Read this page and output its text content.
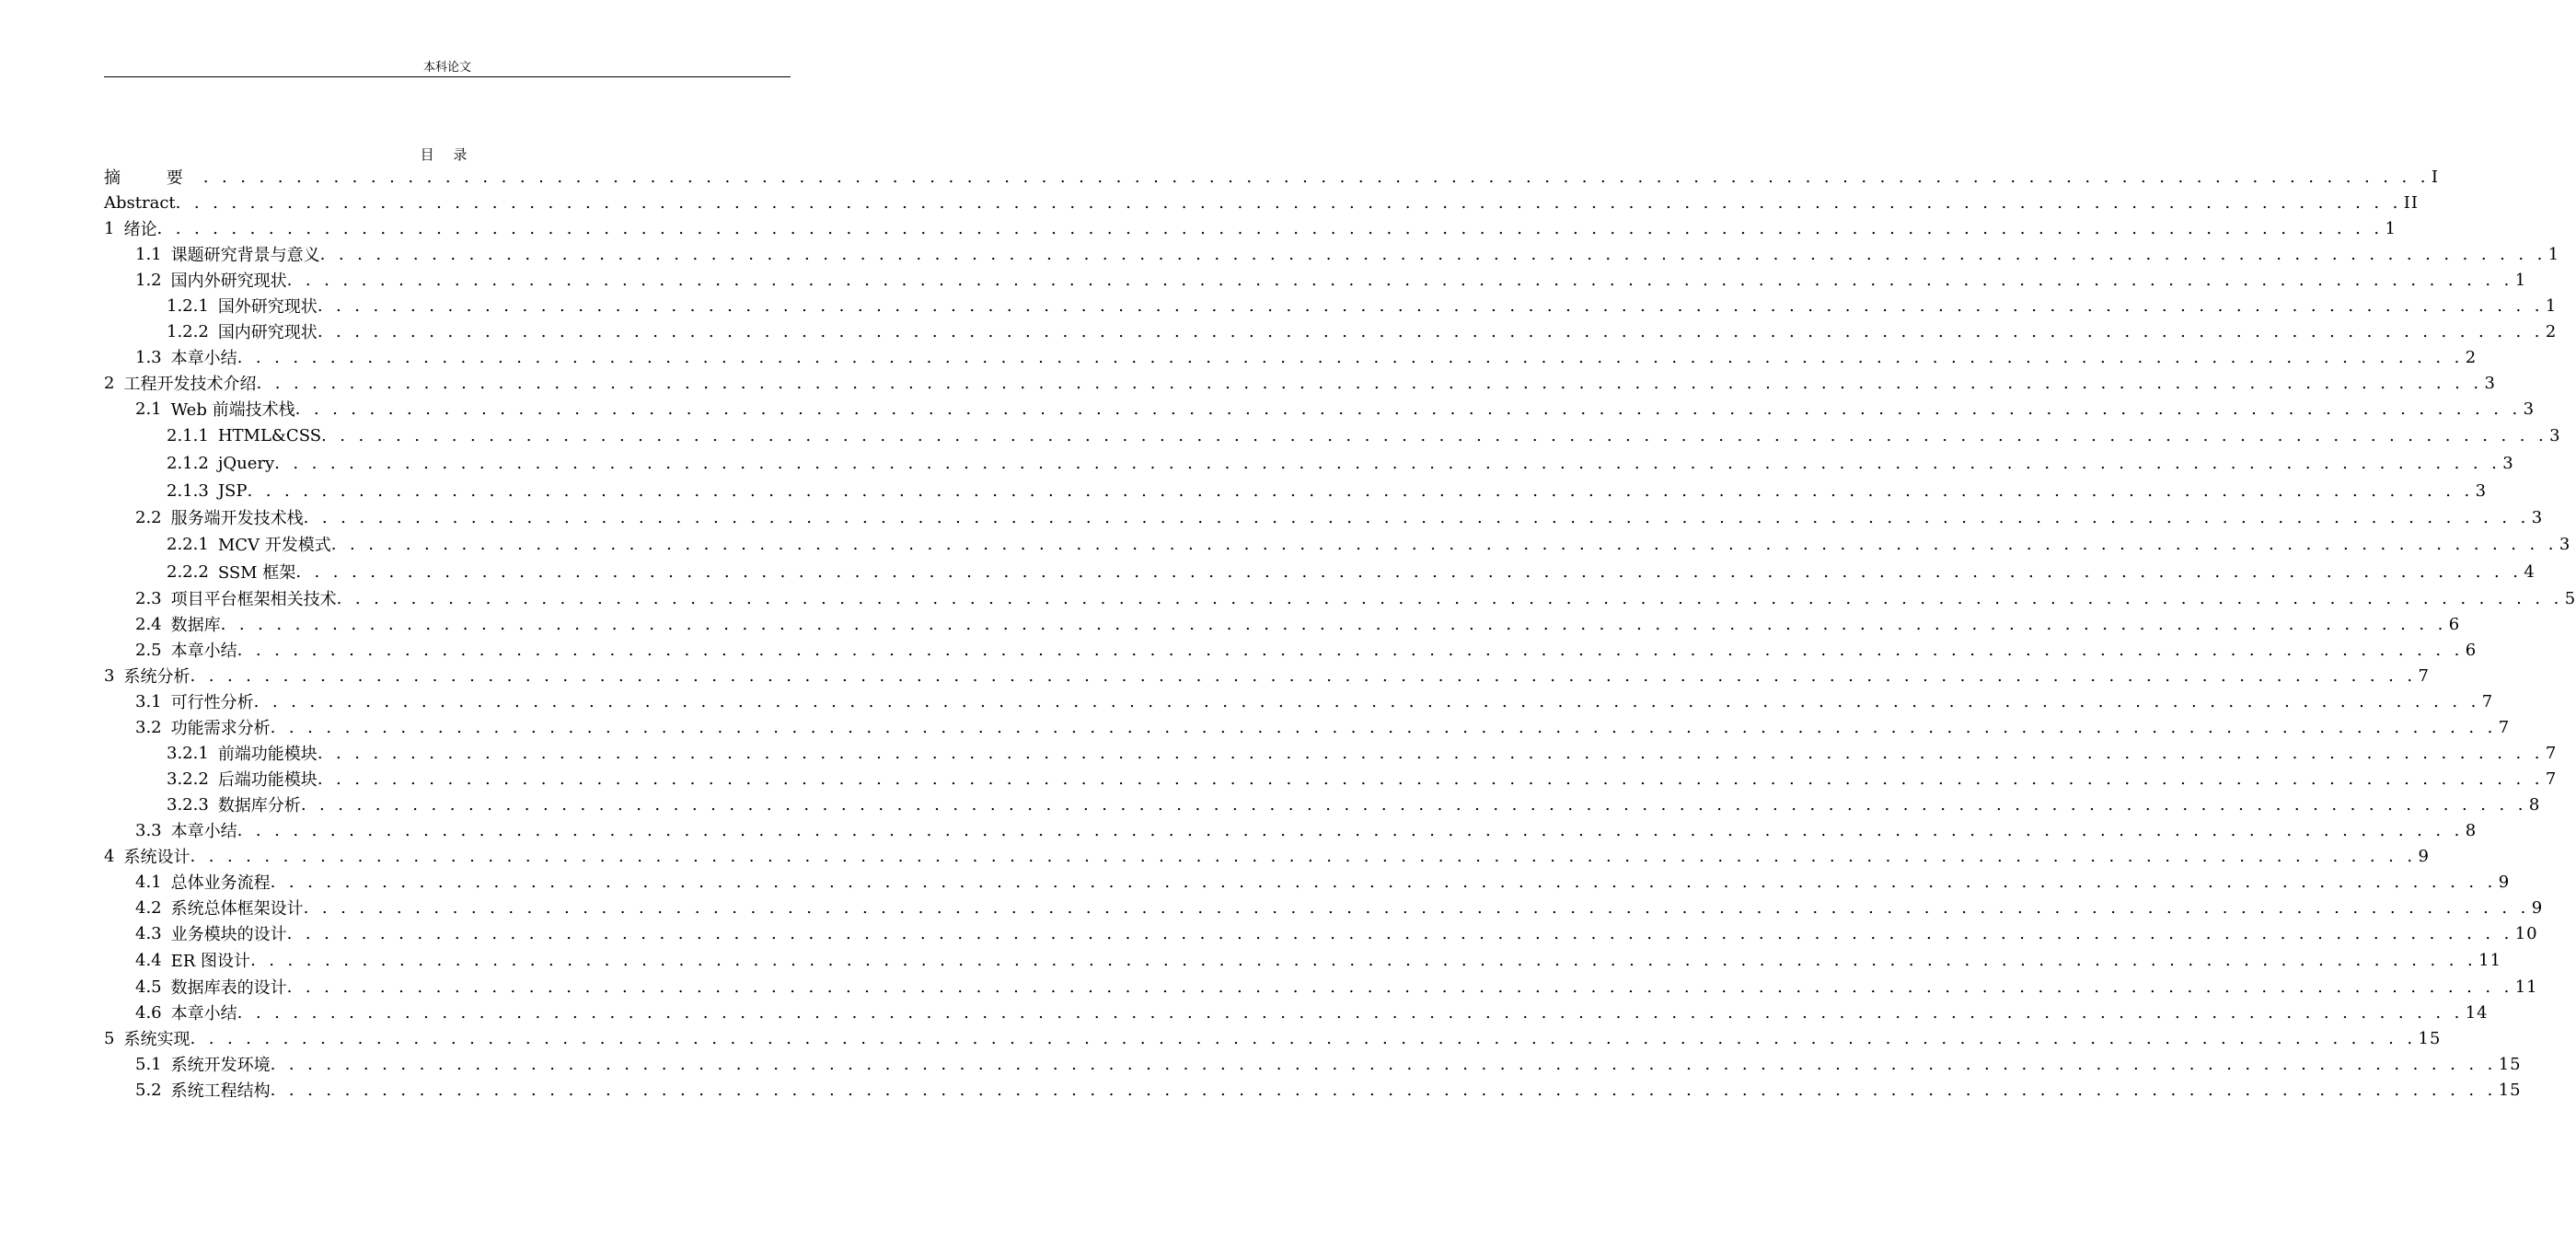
本科论文
目 录
摘 要 . . . . . . . . . . . . . . . . . . . . . . . . . . . . . . . . . . . . . . . . . . . . . . . . . . . . . . . . . . . . . . . . . . . . . . . . . . . . . . . . . . . . . . . . . . . . . . . . . . . . . . . . . . . . . . . . . . . . . . . . I
Abstract . . . . . . . . . . . . . . . . . . . . . . . . . . . . . . . . . . . . . . . . . . . . . . . . . . . . . . . . . . . . . . . . . . . . . . . . . . . . . . . . . . . . . . . . . . . . . . . . . . . . . . . . . . . . . . . . . . . . . . . . II
1 绪论 . . . . . . . . . . . . . . . . . . . . . . . . . . . . . . . . . . . . . . . . . . . . . . . . . . . . . . . . . . . . . . . . . . . . . . . . . . . . . . . . . . . . . . . . . . . . . . . . . . . . . . . . . . . . . . . . . . . . . . . . 1
1.1 课题研究背景与意义 . . . . . . . . . . . . . . . . . . . . . . . . . . . . . . . . . . . . . . . . . . . . . . . . . . . . . . . . . . . . . . . . . . . . . . . . . . . . . . . . . . . . . . . . . . . . . . . . . . . . . . . . . . . . . . . . . . . . . . . . 1
1.2 国内外研究现状 . . . . . . . . . . . . . . . . . . . . . . . . . . . . . . . . . . . . . . . . . . . . . . . . . . . . . . . . . . . . . . . . . . . . . . . . . . . . . . . . . . . . . . . . . . . . . . . . . . . . . . . . . . . . . . . . . . . . . . . . 1
1.2.1 国外研究现状 . . . . . . . . . . . . . . . . . . . . . . . . . . . . . . . . . . . . . . . . . . . . . . . . . . . . . . . . . . . . . . . . . . . . . . . . . . . . . . . . . . . . . . . . . . . . . . . . . . . . . . . . . . . . . . . . . . . . . . . . 1
1.2.2 国内研究现状 . . . . . . . . . . . . . . . . . . . . . . . . . . . . . . . . . . . . . . . . . . . . . . . . . . . . . . . . . . . . . . . . . . . . . . . . . . . . . . . . . . . . . . . . . . . . . . . . . . . . . . . . . . . . . . . . . . . . . . . . 2
1.3 本章小结 . . . . . . . . . . . . . . . . . . . . . . . . . . . . . . . . . . . . . . . . . . . . . . . . . . . . . . . . . . . . . . . . . . . . . . . . . . . . . . . . . . . . . . . . . . . . . . . . . . . . . . . . . . . . . . . . . . . . . . . . 2
2 工程开发技术介绍 . . . . . . . . . . . . . . . . . . . . . . . . . . . . . . . . . . . . . . . . . . . . . . . . . . . . . . . . . . . . . . . . . . . . . . . . . . . . . . . . . . . . . . . . . . . . . . . . . . . . . . . . . . . . . . . . . . . . . . . . 3
2.1 Web 前端技术栈 . . . . . . . . . . . . . . . . . . . . . . . . . . . . . . . . . . . . . . . . . . . . . . . . . . . . . . . . . . . . . . . . . . . . . . . . . . . . . . . . . . . . . . . . . . . . . . . . . . . . . . . . . . . . . . . . . . . . . . . . 3
2.1.1 HTML&CSS . . . . . . . . . . . . . . . . . . . . . . . . . . . . . . . . . . . . . . . . . . . . . . . . . . . . . . . . . . . . . . . . . . . . . . . . . . . . . . . . . . . . . . . . . . . . . . . . . . . . . . . . . . . . . . . . . . . . . . . . 3
2.1.2 jQuery . . . . . . . . . . . . . . . . . . . . . . . . . . . . . . . . . . . . . . . . . . . . . . . . . . . . . . . . . . . . . . . . . . . . . . . . . . . . . . . . . . . . . . . . . . . . . . . . . . . . . . . . . . . . . . . . . . . . . . . . 3
2.1.3 JSP . . . . . . . . . . . . . . . . . . . . . . . . . . . . . . . . . . . . . . . . . . . . . . . . . . . . . . . . . . . . . . . . . . . . . . . . . . . . . . . . . . . . . . . . . . . . . . . . . . . . . . . . . . . . . . . . . . . . . . . . 3
2.2 服务端开发技术栈 . . . . . . . . . . . . . . . . . . . . . . . . . . . . . . . . . . . . . . . . . . . . . . . . . . . . . . . . . . . . . . . . . . . . . . . . . . . . . . . . . . . . . . . . . . . . . . . . . . . . . . . . . . . . . . . . . . . . . . . . 3
2.2.1 MCV 开发模式 . . . . . . . . . . . . . . . . . . . . . . . . . . . . . . . . . . . . . . . . . . . . . . . . . . . . . . . . . . . . . . . . . . . . . . . . . . . . . . . . . . . . . . . . . . . . . . . . . . . . . . . . . . . . . . . . . . . . . . . . 3
2.2.2 SSM 框架 . . . . . . . . . . . . . . . . . . . . . . . . . . . . . . . . . . . . . . . . . . . . . . . . . . . . . . . . . . . . . . . . . . . . . . . . . . . . . . . . . . . . . . . . . . . . . . . . . . . . . . . . . . . . . . . . . . . . . . . . 4
2.3 项目平台框架相关技术 . . . . . . . . . . . . . . . . . . . . . . . . . . . . . . . . . . . . . . . . . . . . . . . . . . . . . . . . . . . . . . . . . . . . . . . . . . . . . . . . . . . . . . . . . . . . . . . . . . . . . . . . . . . . . . . . . . . . . . . . 5
2.4 数据库 . . . . . . . . . . . . . . . . . . . . . . . . . . . . . . . . . . . . . . . . . . . . . . . . . . . . . . . . . . . . . . . . . . . . . . . . . . . . . . . . . . . . . . . . . . . . . . . . . . . . . . . . . . . . . . . . . . . . . . . . 6
2.5 本章小结 . . . . . . . . . . . . . . . . . . . . . . . . . . . . . . . . . . . . . . . . . . . . . . . . . . . . . . . . . . . . . . . . . . . . . . . . . . . . . . . . . . . . . . . . . . . . . . . . . . . . . . . . . . . . . . . . . . . . . . . . 6
3 系统分析 . . . . . . . . . . . . . . . . . . . . . . . . . . . . . . . . . . . . . . . . . . . . . . . . . . . . . . . . . . . . . . . . . . . . . . . . . . . . . . . . . . . . . . . . . . . . . . . . . . . . . . . . . . . . . . . . . . . . . . . . 7
3.1 可行性分析 . . . . . . . . . . . . . . . . . . . . . . . . . . . . . . . . . . . . . . . . . . . . . . . . . . . . . . . . . . . . . . . . . . . . . . . . . . . . . . . . . . . . . . . . . . . . . . . . . . . . . . . . . . . . . . . . . . . . . . . . 7
3.2 功能需求分析 . . . . . . . . . . . . . . . . . . . . . . . . . . . . . . . . . . . . . . . . . . . . . . . . . . . . . . . . . . . . . . . . . . . . . . . . . . . . . . . . . . . . . . . . . . . . . . . . . . . . . . . . . . . . . . . . . . . . . . . . 7
3.2.1 前端功能模块 . . . . . . . . . . . . . . . . . . . . . . . . . . . . . . . . . . . . . . . . . . . . . . . . . . . . . . . . . . . . . . . . . . . . . . . . . . . . . . . . . . . . . . . . . . . . . . . . . . . . . . . . . . . . . . . . . . . . . . . . 7
3.2.2 后端功能模块 . . . . . . . . . . . . . . . . . . . . . . . . . . . . . . . . . . . . . . . . . . . . . . . . . . . . . . . . . . . . . . . . . . . . . . . . . . . . . . . . . . . . . . . . . . . . . . . . . . . . . . . . . . . . . . . . . . . . . . . . 7
3.2.3 数据库分析 . . . . . . . . . . . . . . . . . . . . . . . . . . . . . . . . . . . . . . . . . . . . . . . . . . . . . . . . . . . . . . . . . . . . . . . . . . . . . . . . . . . . . . . . . . . . . . . . . . . . . . . . . . . . . . . . . . . . . . . . 8
3.3 本章小结 . . . . . . . . . . . . . . . . . . . . . . . . . . . . . . . . . . . . . . . . . . . . . . . . . . . . . . . . . . . . . . . . . . . . . . . . . . . . . . . . . . . . . . . . . . . . . . . . . . . . . . . . . . . . . . . . . . . . . . . . 8
4 系统设计 . . . . . . . . . . . . . . . . . . . . . . . . . . . . . . . . . . . . . . . . . . . . . . . . . . . . . . . . . . . . . . . . . . . . . . . . . . . . . . . . . . . . . . . . . . . . . . . . . . . . . . . . . . . . . . . . . . . . . . . . 9
4.1 总体业务流程 . . . . . . . . . . . . . . . . . . . . . . . . . . . . . . . . . . . . . . . . . . . . . . . . . . . . . . . . . . . . . . . . . . . . . . . . . . . . . . . . . . . . . . . . . . . . . . . . . . . . . . . . . . . . . . . . . . . . . . . . 9
4.2 系统总体框架设计 . . . . . . . . . . . . . . . . . . . . . . . . . . . . . . . . . . . . . . . . . . . . . . . . . . . . . . . . . . . . . . . . . . . . . . . . . . . . . . . . . . . . . . . . . . . . . . . . . . . . . . . . . . . . . . . . . . . . . . . . 9
4.3 业务模块的设计 . . . . . . . . . . . . . . . . . . . . . . . . . . . . . . . . . . . . . . . . . . . . . . . . . . . . . . . . . . . . . . . . . . . . . . . . . . . . . . . . . . . . . . . . . . . . . . . . . . . . . . . . . . . . . . . . . . . . . . . . 10
4.4 ER 图设计 . . . . . . . . . . . . . . . . . . . . . . . . . . . . . . . . . . . . . . . . . . . . . . . . . . . . . . . . . . . . . . . . . . . . . . . . . . . . . . . . . . . . . . . . . . . . . . . . . . . . . . . . . . . . . . . . . . . . . . . . 11
4.5 数据库表的设计 . . . . . . . . . . . . . . . . . . . . . . . . . . . . . . . . . . . . . . . . . . . . . . . . . . . . . . . . . . . . . . . . . . . . . . . . . . . . . . . . . . . . . . . . . . . . . . . . . . . . . . . . . . . . . . . . . . . . . . . . 11
4.6 本章小结 . . . . . . . . . . . . . . . . . . . . . . . . . . . . . . . . . . . . . . . . . . . . . . . . . . . . . . . . . . . . . . . . . . . . . . . . . . . . . . . . . . . . . . . . . . . . . . . . . . . . . . . . . . . . . . . . . . . . . . . . 14
5 系统实现 . . . . . . . . . . . . . . . . . . . . . . . . . . . . . . . . . . . . . . . . . . . . . . . . . . . . . . . . . . . . . . . . . . . . . . . . . . . . . . . . . . . . . . . . . . . . . . . . . . . . . . . . . . . . . . . . . . . . . . . . 15
5.1 系统开发环境 . . . . . . . . . . . . . . . . . . . . . . . . . . . . . . . . . . . . . . . . . . . . . . . . . . . . . . . . . . . . . . . . . . . . . . . . . . . . . . . . . . . . . . . . . . . . . . . . . . . . . . . . . . . . . . . . . . . . . . . . 15
5.2 系统工程结构 . . . . . . . . . . . . . . . . . . . . . . . . . . . . . . . . . . . . . . . . . . . . . . . . . . . . . . . . . . . . . . . . . . . . . . . . . . . . . . . . . . . . . . . . . . . . . . . . . . . . . . . . . . . . . . . . . . . . . . . . 15
